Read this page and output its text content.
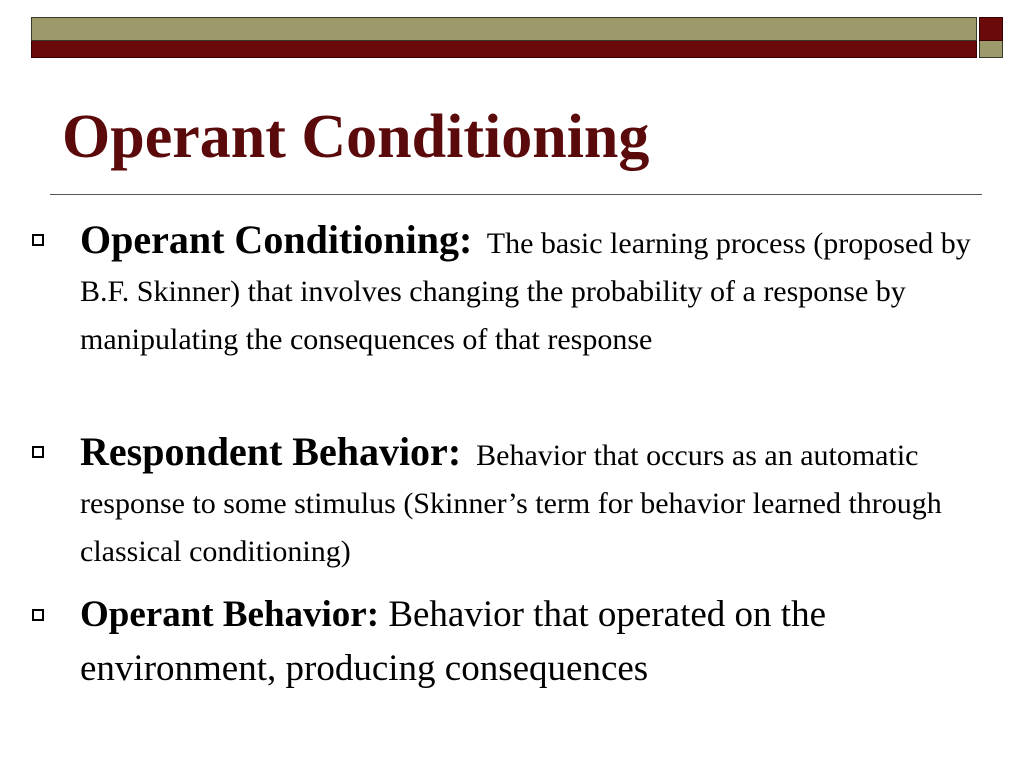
Operant Conditioning

Operant Conditioning: The basic learning process (proposed by B.F. Skinner) that involves changing the probability of a response by manipulating the consequences of that response

Respondent Behavior: Behavior that occurs as an automatic response to some stimulus (Skinner’s term for behavior learned through classical conditioning)

Operant Behavior: Behavior that operated on the environment, producing consequences
